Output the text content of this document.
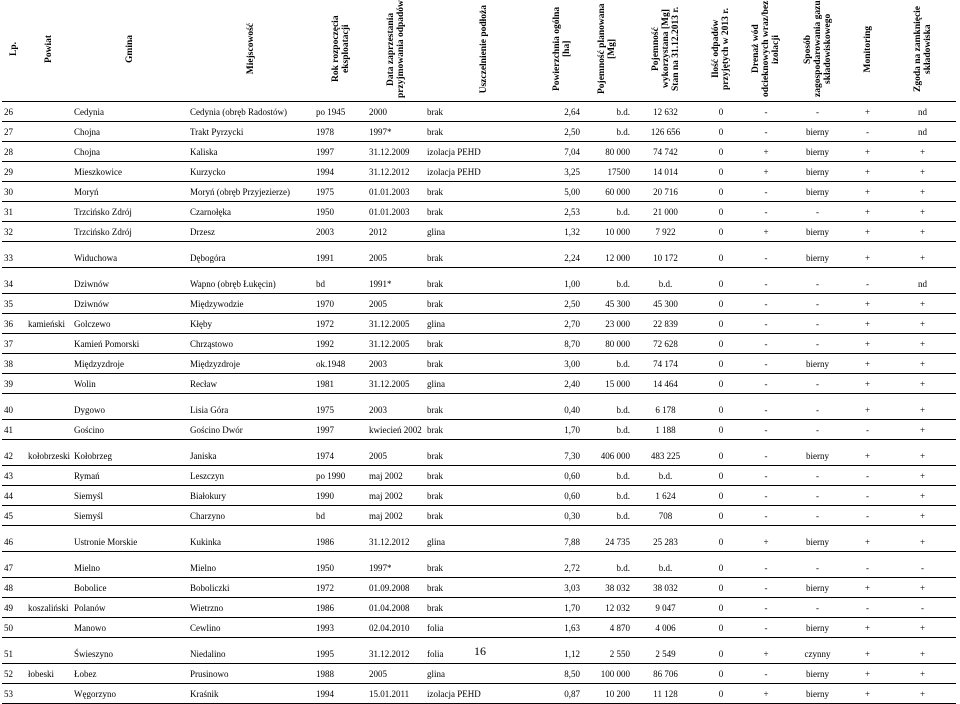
Lp.	Powiat	Gmina	Miejscowość	Rok rozpoczęcia eksploatacji	Data zaprzestania przyjmowania odpadów	Uszczelnienie podłoża	Powierzchnia ogólna [ha]	Pojemność planowana [Mg]	Pojemność wykorzystana [Mg] Stan na 31.12.2013 r.	Ilość odpadów przyjętych w 2013 r.	Drenaż wód odcieknowych wraz/bez izolacji	Sposób zagospodarowania gazu składowiskowego	Monitoring	Zgoda na zamknięcie składowiska
26		Cedynia	Cedynia (obręb Radostów)	po 1945	2000	brak	2,64	b.d.	12 632	0	-	-	+	nd
27		Chojna	Trakt Pyrzycki	1978	1997*	brak	2,50	b.d.	126 656	0	-	bierny	-	nd
28		Chojna	Kaliska	1997	31.12.2009	izolacja PEHD	7,04	80 000	74 742	0	+	bierny	+	+
29		Mieszkowice	Kurzycko	1994	31.12.2012	izolacja PEHD	3,25	17500	14 014	0	+	bierny	+	+
30		Moryń	Moryń (obręb Przyjezierze)	1975	01.01.2003	brak	5,00	60 000	20 716	0	-	bierny	+	+
31		Trzcińsko Zdrój	Czarnołęka	1950	01.01.2003	brak	2,53	b.d.	21 000	0	-	-	+	+
32		Trzcińsko Zdrój	Drzesz	2003	2012	glina	1,32	10 000	7 922	0	+	bierny	+	+

33		Widuchowa	Dębogóra	1991	2005	brak	2,24	12 000	10 172	0	-	bierny	+	+

34		Dziwnów	Wapno (obręb Łukęcin)	bd	1991*	brak	1,00	b.d.	b.d.	0	-	-	-	nd
35		Dziwnów	Międzywodzie	1970	2005	brak	2,50	45 300	45 300	0	-	-	+	+
36	kamieński	Golczewo	Kłęby	1972	31.12.2005	glina	2,70	23 000	22 839	0	-	-	+	+
37		Kamień Pomorski	Chrząstowo	1992	31.12.2005	brak	8,70	80 000	72 628	0	-	-	+	+
38		Międzyzdroje	Międzyzdroje	ok.1948	2003	brak	3,00	b.d.	74 174	0	-	bierny	+	+
39		Wolin	Recław	1981	31.12.2005	glina	2,40	15 000	14 464	0	-	-	+	+

40		Dygowo	Lisia Góra	1975	2003	brak	0,40	b.d.	6 178	0	-	-	+	+
41		Gościno	Gościno Dwór	1997	kwiecień 2002	brak	1,70	b.d.	1 188	0	-	-	-	+

42	kołobrzeski	Kołobrzeg	Janiska	1974	2005	brak	7,30	406 000	483 225	0	-	bierny	+	+
43		Rymań	Leszczyn	po 1990	maj 2002	brak	0,60	b.d.	b.d.	0	-	-	-	+
44		Siemyśl	Białokury	1990	maj 2002	brak	0,60	b.d.	1 624	0	-	-	-	+
45		Siemyśl	Charzyno	bd	maj 2002	brak	0,30	b.d.	708	0	-	-	-	+

46		Ustronie Morskie	Kukinka	1986	31.12.2012	glina	7,88	24 735	25 283	0	+	bierny	+	+

47		Mielno	Mielno	1950	1997*	brak	2,72	b.d.	b.d.	0	-	-	-	-
48		Bobolice	Boboliczki	1972	01.09.2008	brak	3,03	38 032	38 032	0	-	bierny	+	+
49	koszaliński	Polanów	Wietrzno	1986	01.04.2008	brak	1,70	12 032	9 047	0	-	-	-	-
50		Manowo	Cewlino	1993	02.04.2010	folia	1,63	4 870	4 006	0	-	bierny	+	+

51		Świeszyno	Niedalino	1995	31.12.2012	folia	1,12	2 550	2 549	0	+	czynny	+	+
52	łobeski	Łobez	Prusinowo	1988	2005	glina	8,50	100 000	86 706	0	-	bierny	+	+
53		Węgorzyno	Kraśnik	1994	15.01.2011	izolacja PEHD	0,87	10 200	11 128	0	+	bierny	+	+
16
